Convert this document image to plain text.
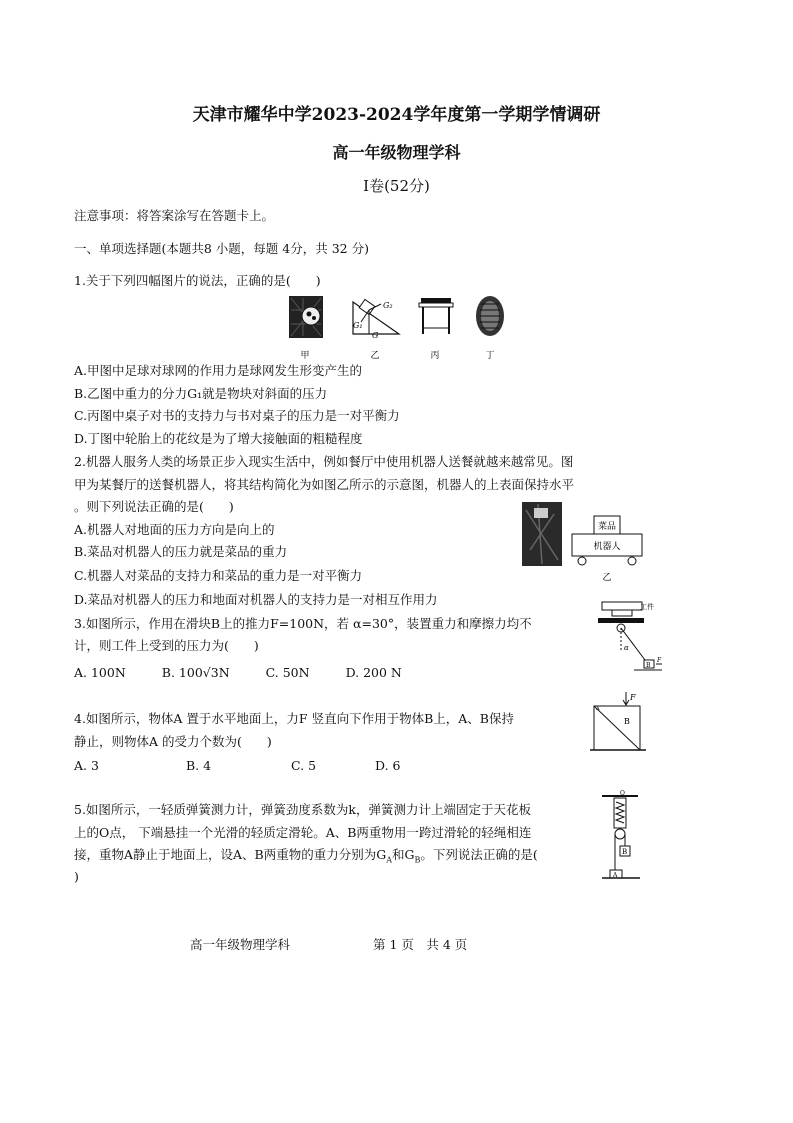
天津市耀华中学2023-2024学年度第一学期学情调研
高一年级物理学科
Ⅰ卷(52分)
注意事项：将答案涂写在答题卡上。
一、单项选择题(本题共8 小题，每题 4分，共 32 分)
1.关于下列四幅图片的说法，正确的是(　　)
G₂
G₁
G
甲	乙	丙	丁
A.甲图中足球对球网的作用力是球网发生形变产生的
B.乙图中重力的分力G₁就是物块对斜面的压力
C.丙图中桌子对书的支持力与书对桌子的压力是一对平衡力
D.丁图中轮胎上的花纹是为了增大接触面的粗糙程度
2.机器人服务人类的场景正步入现实生活中，例如餐厅中使用机器人送餐就越来越常见。图
甲为某餐厅的送餐机器人，将其结构简化为如图乙所示的示意图，机器人的上表面保持水平
。则下列说法正确的是(　　)
A.机器人对地面的压力方向是向上的
B.菜品对机器人的压力就是菜品的重力
C.机器人对菜品的支持力和菜品的重力是一对平衡力
D.菜品对机器人的压力和地面对机器人的支持力是一对相互作用力
菜品
机器人
乙
3.如图所示，作用在滑块B上的推力F=100N，若 α=30°，装置重力和摩擦力均不
计，则工件上受到的压力为(　　)
A. 100N	B. 100√3N	C. 50N	D. 200 N
工件
α
B
F
4.如图所示，物体A 置于水平地面上，力F 竖直向下作用于物体B上，A、B保持
静止，则物体A 的受力个数为(　　)
A. 3	B. 4	C. 5	D. 6
F
B
A
5.如图所示，一轻质弹簧测力计，弹簧劲度系数为k，弹簧测力计上端固定于天花板
上的O点， 下端悬挂一个光滑的轻质定滑轮。A、B两重物用一跨过滑轮的轻绳相连
接，重物A静止于地面上，设A、B两重物的重力分别为$G_A$和$G_B$。下列说法正确的是(
)
O
B
A
高一年级物理学科	第 1 页　共 4 页
